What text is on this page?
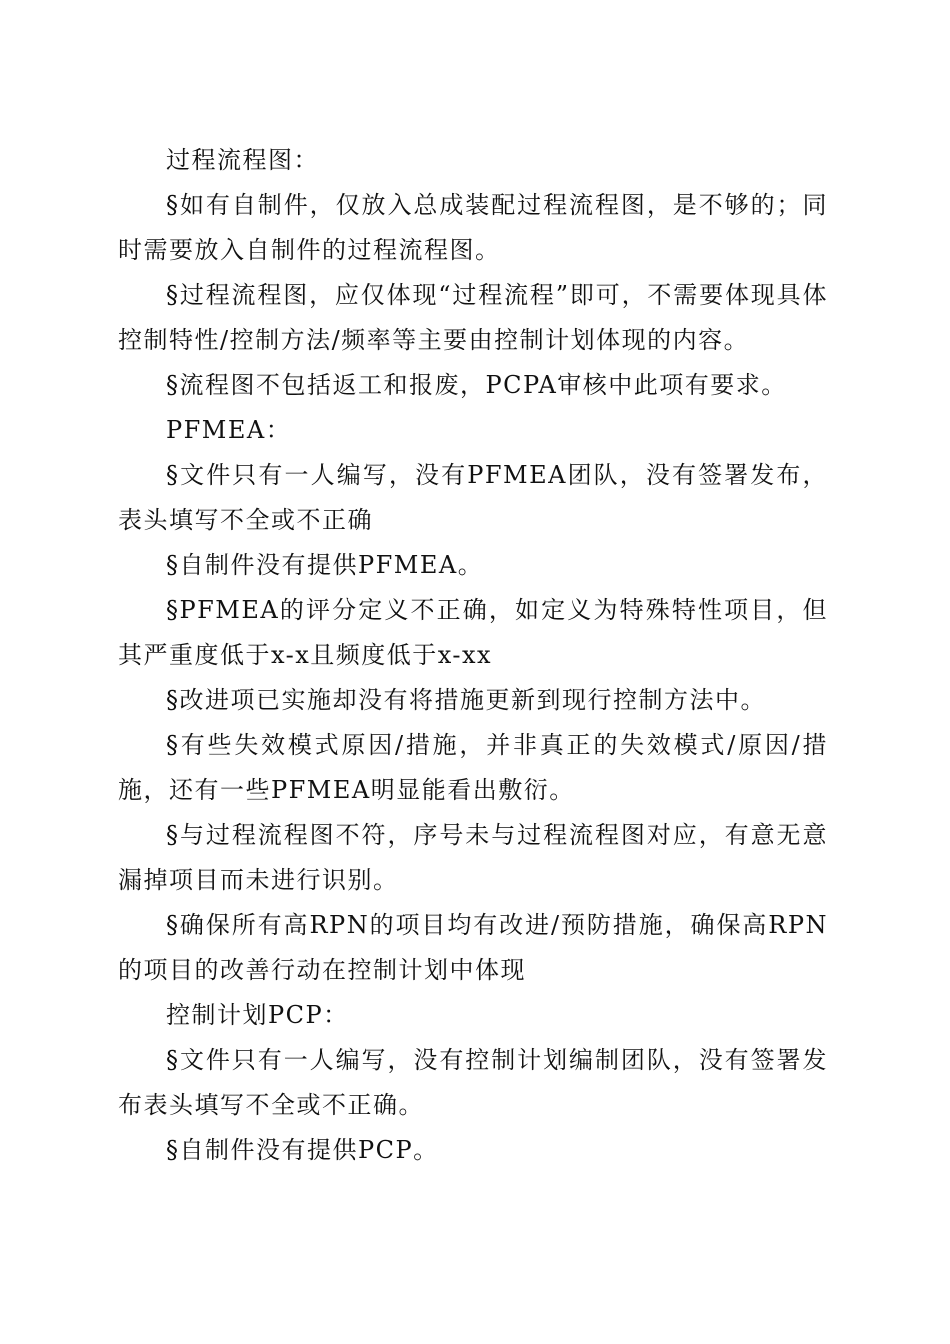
过程流程图：

§如有自制件，仅放入总成装配过程流程图，是不够的；同时需要放入自制件的过程流程图。

§过程流程图，应仅体现“过程流程”即可，不需要体现具体控制特性/控制方法/频率等主要由控制计划体现的内容。

§流程图不包括返工和报废，PCPA审核中此项有要求。

PFMEA：

§文件只有一人编写，没有PFMEA团队，没有签署发布，表头填写不全或不正确

§自制件没有提供PFMEA。

§PFMEA的评分定义不正确，如定义为特殊特性项目，但其严重度低于x-x且频度低于x-xx

§改进项已实施却没有将措施更新到现行控制方法中。

§有些失效模式原因/措施，并非真正的失效模式/原因/措施，还有一些PFMEA明显能看出敷衍。

§与过程流程图不符，序号未与过程流程图对应，有意无意漏掉项目而未进行识别。

§确保所有高RPN的项目均有改进/预防措施，确保高RPN的项目的改善行动在控制计划中体现

控制计划PCP：

§文件只有一人编写，没有控制计划编制团队，没有签署发布表头填写不全或不正确。

§自制件没有提供PCP。
